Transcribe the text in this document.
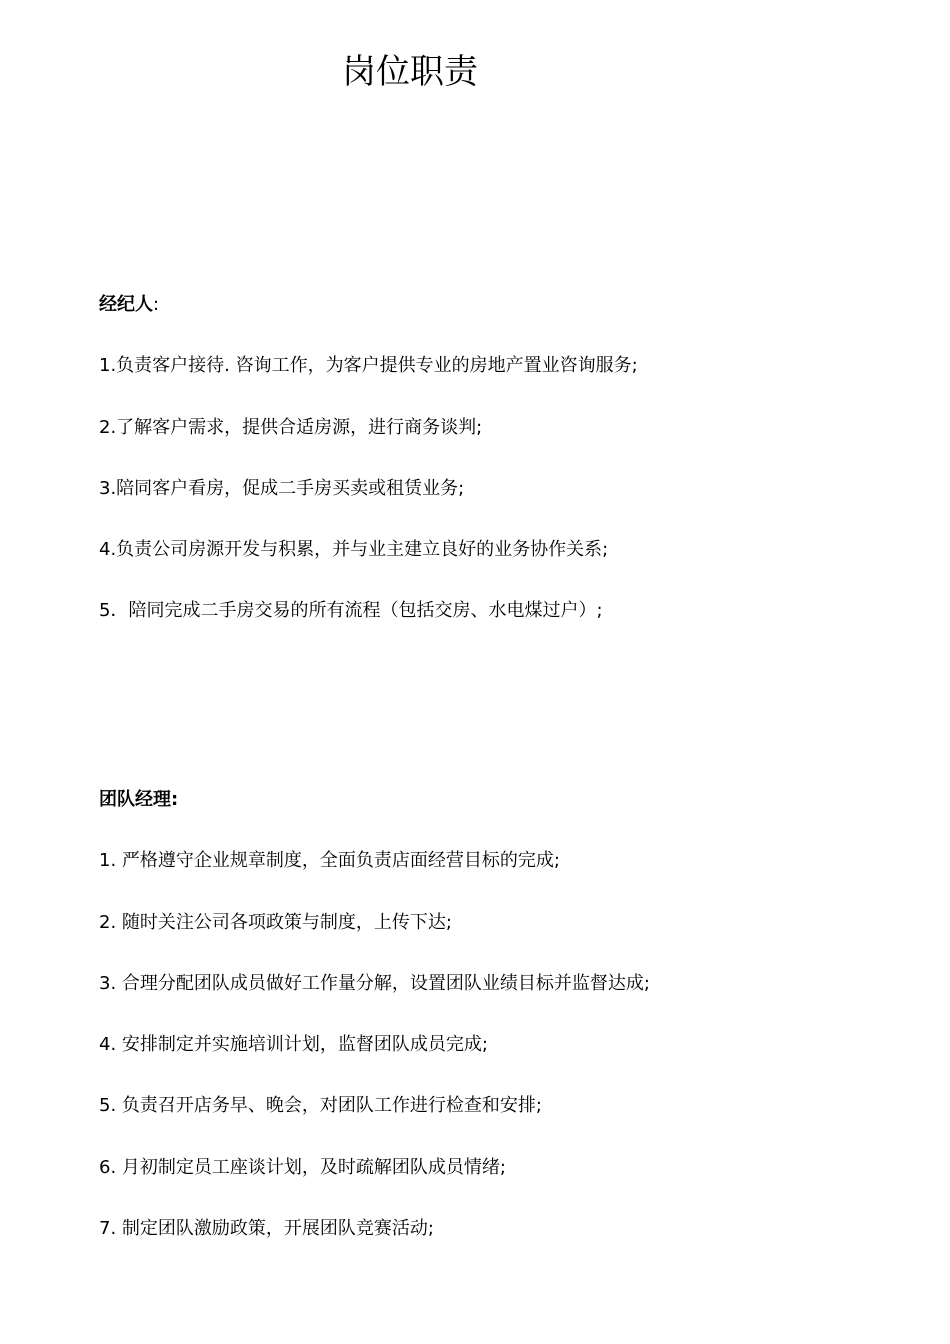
岗位职责
经纪人:
1.负责客户接待. 咨询工作，为客户提供专业的房地产置业咨询服务;
2.了解客户需求，提供合适房源，进行商务谈判;
3.陪同客户看房，促成二手房买卖或租赁业务;
4.负责公司房源开发与积累，并与业主建立良好的业务协作关系;
5．陪同完成二手房交易的所有流程（包括交房、水电煤过户）;
团队经理:
1. 严格遵守企业规章制度，全面负责店面经营目标的完成;
2. 随时关注公司各项政策与制度，上传下达;
3. 合理分配团队成员做好工作量分解，设置团队业绩目标并监督达成;
4. 安排制定并实施培训计划，监督团队成员完成;
5. 负责召开店务早、晚会，对团队工作进行检查和安排;
6. 月初制定员工座谈计划，及时疏解团队成员情绪;
7. 制定团队激励政策，开展团队竞赛活动;
